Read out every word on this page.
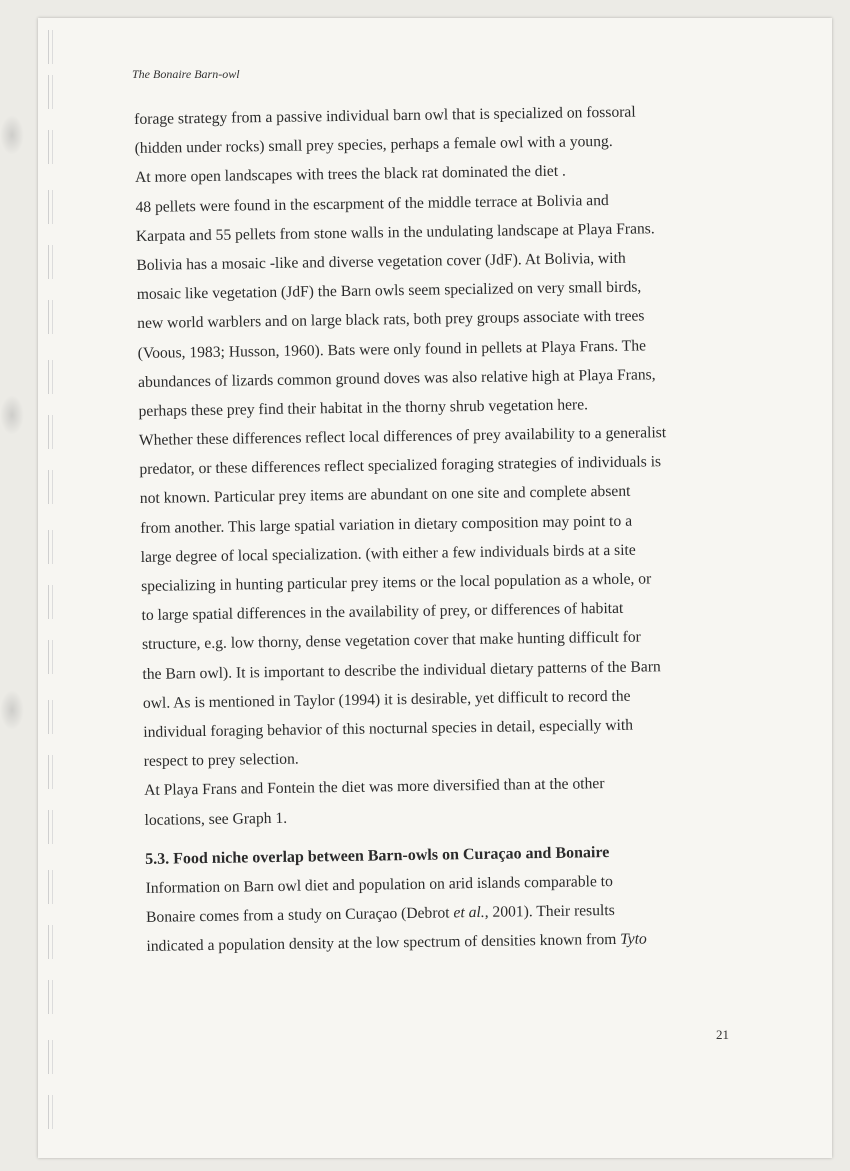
The Bonaire Barn-owl
forage strategy from a passive individual barn owl that is specialized on fossoral
(hidden under rocks) small prey species, perhaps a female owl with a young.
At more open landscapes with trees the black rat dominated the diet .
48 pellets were found in the escarpment of the middle terrace at Bolivia and
Karpata and 55 pellets from stone walls in the undulating landscape at Playa Frans.
Bolivia has a mosaic -like and diverse vegetation cover (JdF). At Bolivia, with
mosaic like vegetation (JdF) the Barn owls seem specialized on very small birds,
new world warblers and on large black rats, both prey groups associate with trees
(Voous, 1983; Husson, 1960). Bats were only found in pellets at Playa Frans. The
abundances of lizards common ground doves was also relative high at Playa Frans,
perhaps these prey find their habitat in the thorny shrub vegetation here.
Whether these differences reflect local differences of prey availability to a generalist
predator, or these differences reflect specialized foraging strategies of individuals is
not known. Particular prey items are abundant on one site and complete absent
from another. This large spatial variation in dietary composition may point to a
large degree of local specialization. (with either a few individuals birds at a site
specializing in hunting particular prey items or the local population as a whole, or
to large spatial differences in the availability of prey, or differences of habitat
structure, e.g. low thorny, dense vegetation cover that make hunting difficult for
the Barn owl). It is important to describe the individual dietary patterns of the Barn
owl. As is mentioned in Taylor (1994) it is desirable, yet difficult to record the
individual foraging behavior of this nocturnal species in detail, especially with
respect to prey selection.
At Playa Frans and Fontein the diet was more diversified than at the other
locations, see Graph 1.
5.3. Food niche overlap between Barn-owls on Curaçao and Bonaire
Information on Barn owl diet and population on arid islands comparable to
Bonaire comes from a study on Curaçao (Debrot et al., 2001). Their results
indicated a population density at the low spectrum of densities known from Tyto
21
